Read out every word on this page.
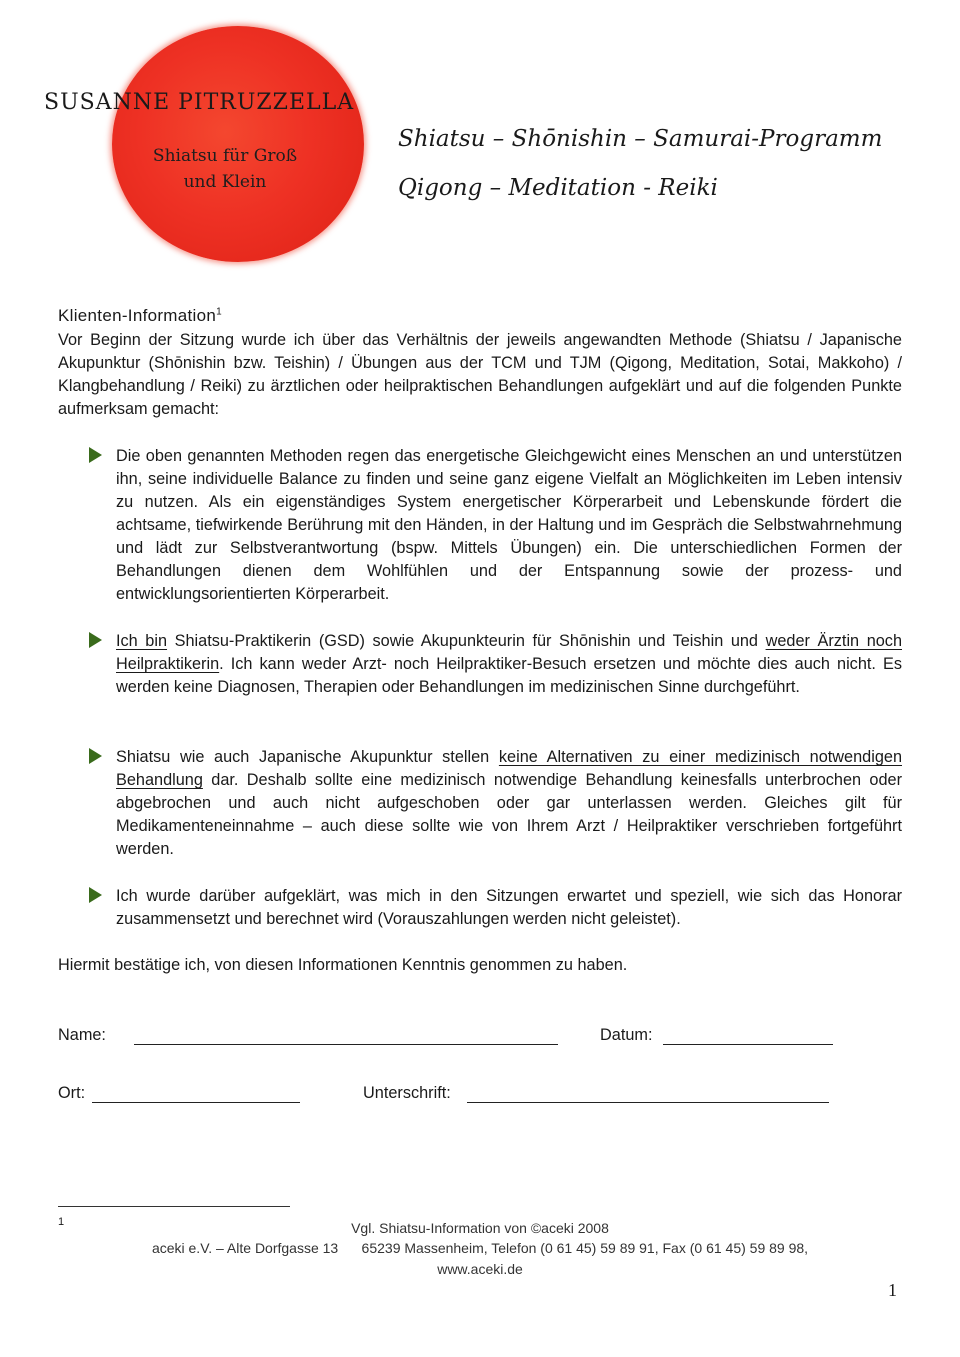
SUSANNE PITRUZZELLA
Shiatsu für Groß
und Klein
Shiatsu – Shōnishin – Samurai-Programm
Qigong – Meditation - Reiki
Klienten-Information$^1$
Vor Beginn der Sitzung wurde ich über das Verhältnis der jeweils angewandten Methode (Shiatsu / Japanische Akupunktur (Shōnishin bzw. Teishin) / Übungen aus der TCM und TJM (Qigong, Meditation, Sotai, Makkoho) / Klangbehandlung / Reiki) zu ärztlichen oder heilpraktischen Behandlungen aufgeklärt und auf die folgenden Punkte aufmerksam gemacht:
Die oben genannten Methoden regen das energetische Gleichgewicht eines Menschen an und unterstützen ihn, seine individuelle Balance zu finden und seine ganz eigene Vielfalt an Möglichkeiten im Leben intensiv zu nutzen. Als ein eigenständiges System energetischer Körperarbeit und Lebenskunde fördert die achtsame, tiefwirkende Berührung mit den Händen, in der Haltung und im Gespräch die Selbstwahrnehmung und lädt zur Selbstverantwortung (bspw. Mittels Übungen) ein. Die unterschiedlichen Formen der Behandlungen dienen dem Wohlfühlen und der Entspannung sowie der prozess- und entwicklungsorientierten Körperarbeit.
Ich bin Shiatsu-Praktikerin (GSD) sowie Akupunkteurin für Shōnishin und Teishin und weder Ärztin noch Heilpraktikerin. Ich kann weder Arzt- noch Heilpraktiker-Besuch ersetzen und möchte dies auch nicht. Es werden keine Diagnosen, Therapien oder Behandlungen im medizinischen Sinne durchgeführt.
Shiatsu wie auch Japanische Akupunktur stellen keine Alternativen zu einer medizinisch notwendigen Behandlung dar. Deshalb sollte eine medizinisch notwendige Behandlung keinesfalls unterbrochen oder abgebrochen und auch nicht aufgeschoben oder gar unterlassen werden. Gleiches gilt für Medikamenteneinnahme – auch diese sollte wie von Ihrem Arzt / Heilpraktiker verschrieben fortgeführt werden.
Ich wurde darüber aufgeklärt, was mich in den Sitzungen erwartet und speziell, wie sich das Honorar zusammensetzt und berechnet wird (Vorauszahlungen werden nicht geleistet).
Hiermit bestätige ich, von diesen Informationen Kenntnis genommen zu haben.
Name:	Datum:
Ort:	Unterschrift:
1	Vgl. Shiatsu-Information von ©aceki 2008
aceki e.V. – Alte Dorfgasse 13      65239 Massenheim, Telefon (0 61 45) 59 89 91, Fax (0 61 45) 59 89 98,
www.aceki.de
1
